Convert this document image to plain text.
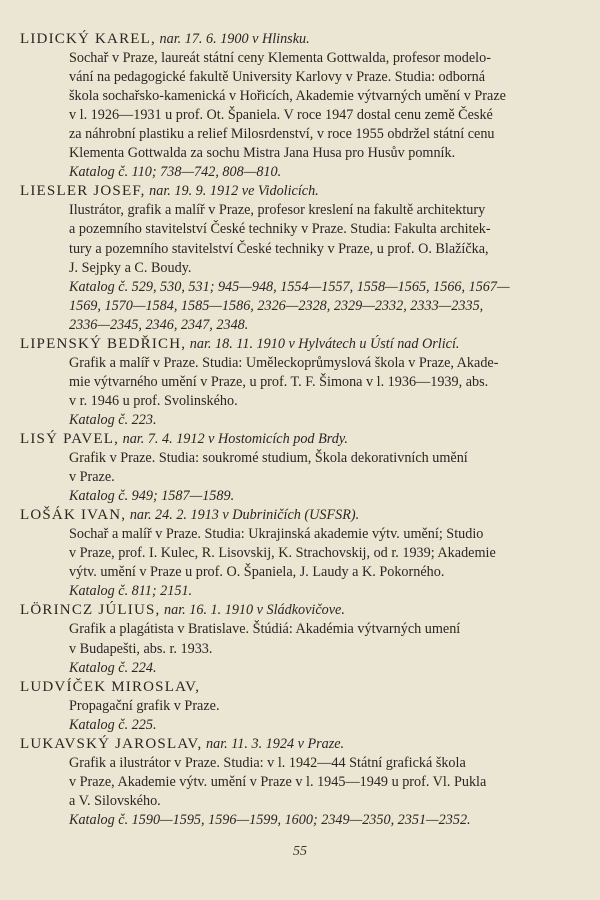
LIDICKÝ KAREL, nar. 17. 6. 1900 v Hlinsku.
Sochař v Praze, laureát státní ceny Klementa Gottwalda, profesor modelo-
vání na pedagogické fakultě University Karlovy v Praze. Studia: odborná
škola sochařsko-kamenická v Hořicích, Akademie výtvarných umění v Praze
v l. 1926—1931 u prof. Ot. Španiela. V roce 1947 dostal cenu země České
za náhrobní plastiku a relief Milosrdenství, v roce 1955 obdržel státní cenu
Klementa Gottwalda za sochu Mistra Jana Husa pro Husův pomník.
Katalog č. 110; 738—742, 808—810.
LIESLER JOSEF, nar. 19. 9. 1912 ve Vidolicích.
Ilustrátor, grafik a malíř v Praze, profesor kreslení na fakultě architektury
a pozemního stavitelství České techniky v Praze. Studia: Fakulta architek-
tury a pozemního stavitelství České techniky v Praze, u prof. O. Blažíčka,
J. Sejpky a C. Boudy.
Katalog č. 529, 530, 531; 945—948, 1554—1557, 1558—1565, 1566, 1567—
1569, 1570—1584, 1585—1586, 2326—2328, 2329—2332, 2333—2335,
2336—2345, 2346, 2347, 2348.
LIPENSKÝ BEDŘICH, nar. 18. 11. 1910 v Hylvátech u Ústí nad Orlicí.
Grafik a malíř v Praze. Studia: Uměleckoprůmyslová škola v Praze, Akade-
mie výtvarného umění v Praze, u prof. T. F. Šimona v l. 1936—1939, abs.
v r. 1946 u prof. Svolinského.
Katalog č. 223.
LISÝ PAVEL, nar. 7. 4. 1912 v Hostomicích pod Brdy.
Grafik v Praze. Studia: soukromé studium, Škola dekorativních umění
v Praze.
Katalog č. 949; 1587—1589.
LOŠÁK IVAN, nar. 24. 2. 1913 v Dubriničích (USFSR).
Sochař a malíř v Praze. Studia: Ukrajinská akademie výtv. umění; Studio
v Praze, prof. I. Kulec, R. Lisovskij, K. Strachovskij, od r. 1939; Akademie
výtv. umění v Praze u prof. O. Španiela, J. Laudy a K. Pokorného.
Katalog č. 811; 2151.
LÖRINCZ JÚLIUS, nar. 16. 1. 1910 v Sládkovičove.
Grafik a plagátista v Bratislave. Štúdiá: Akadémia výtvarných umení
v Budapešti, abs. r. 1933.
Katalog č. 224.
LUDVÍČEK MIROSLAV,
Propagační grafik v Praze.
Katalog č. 225.
LUKAVSKÝ JAROSLAV, nar. 11. 3. 1924 v Praze.
Grafik a ilustrátor v Praze. Studia: v l. 1942—44 Státní grafická škola
v Praze, Akademie výtv. umění v Praze v l. 1945—1949 u prof. Vl. Pukla
a V. Silovského.
Katalog č. 1590—1595, 1596—1599, 1600; 2349—2350, 2351—2352.
55
